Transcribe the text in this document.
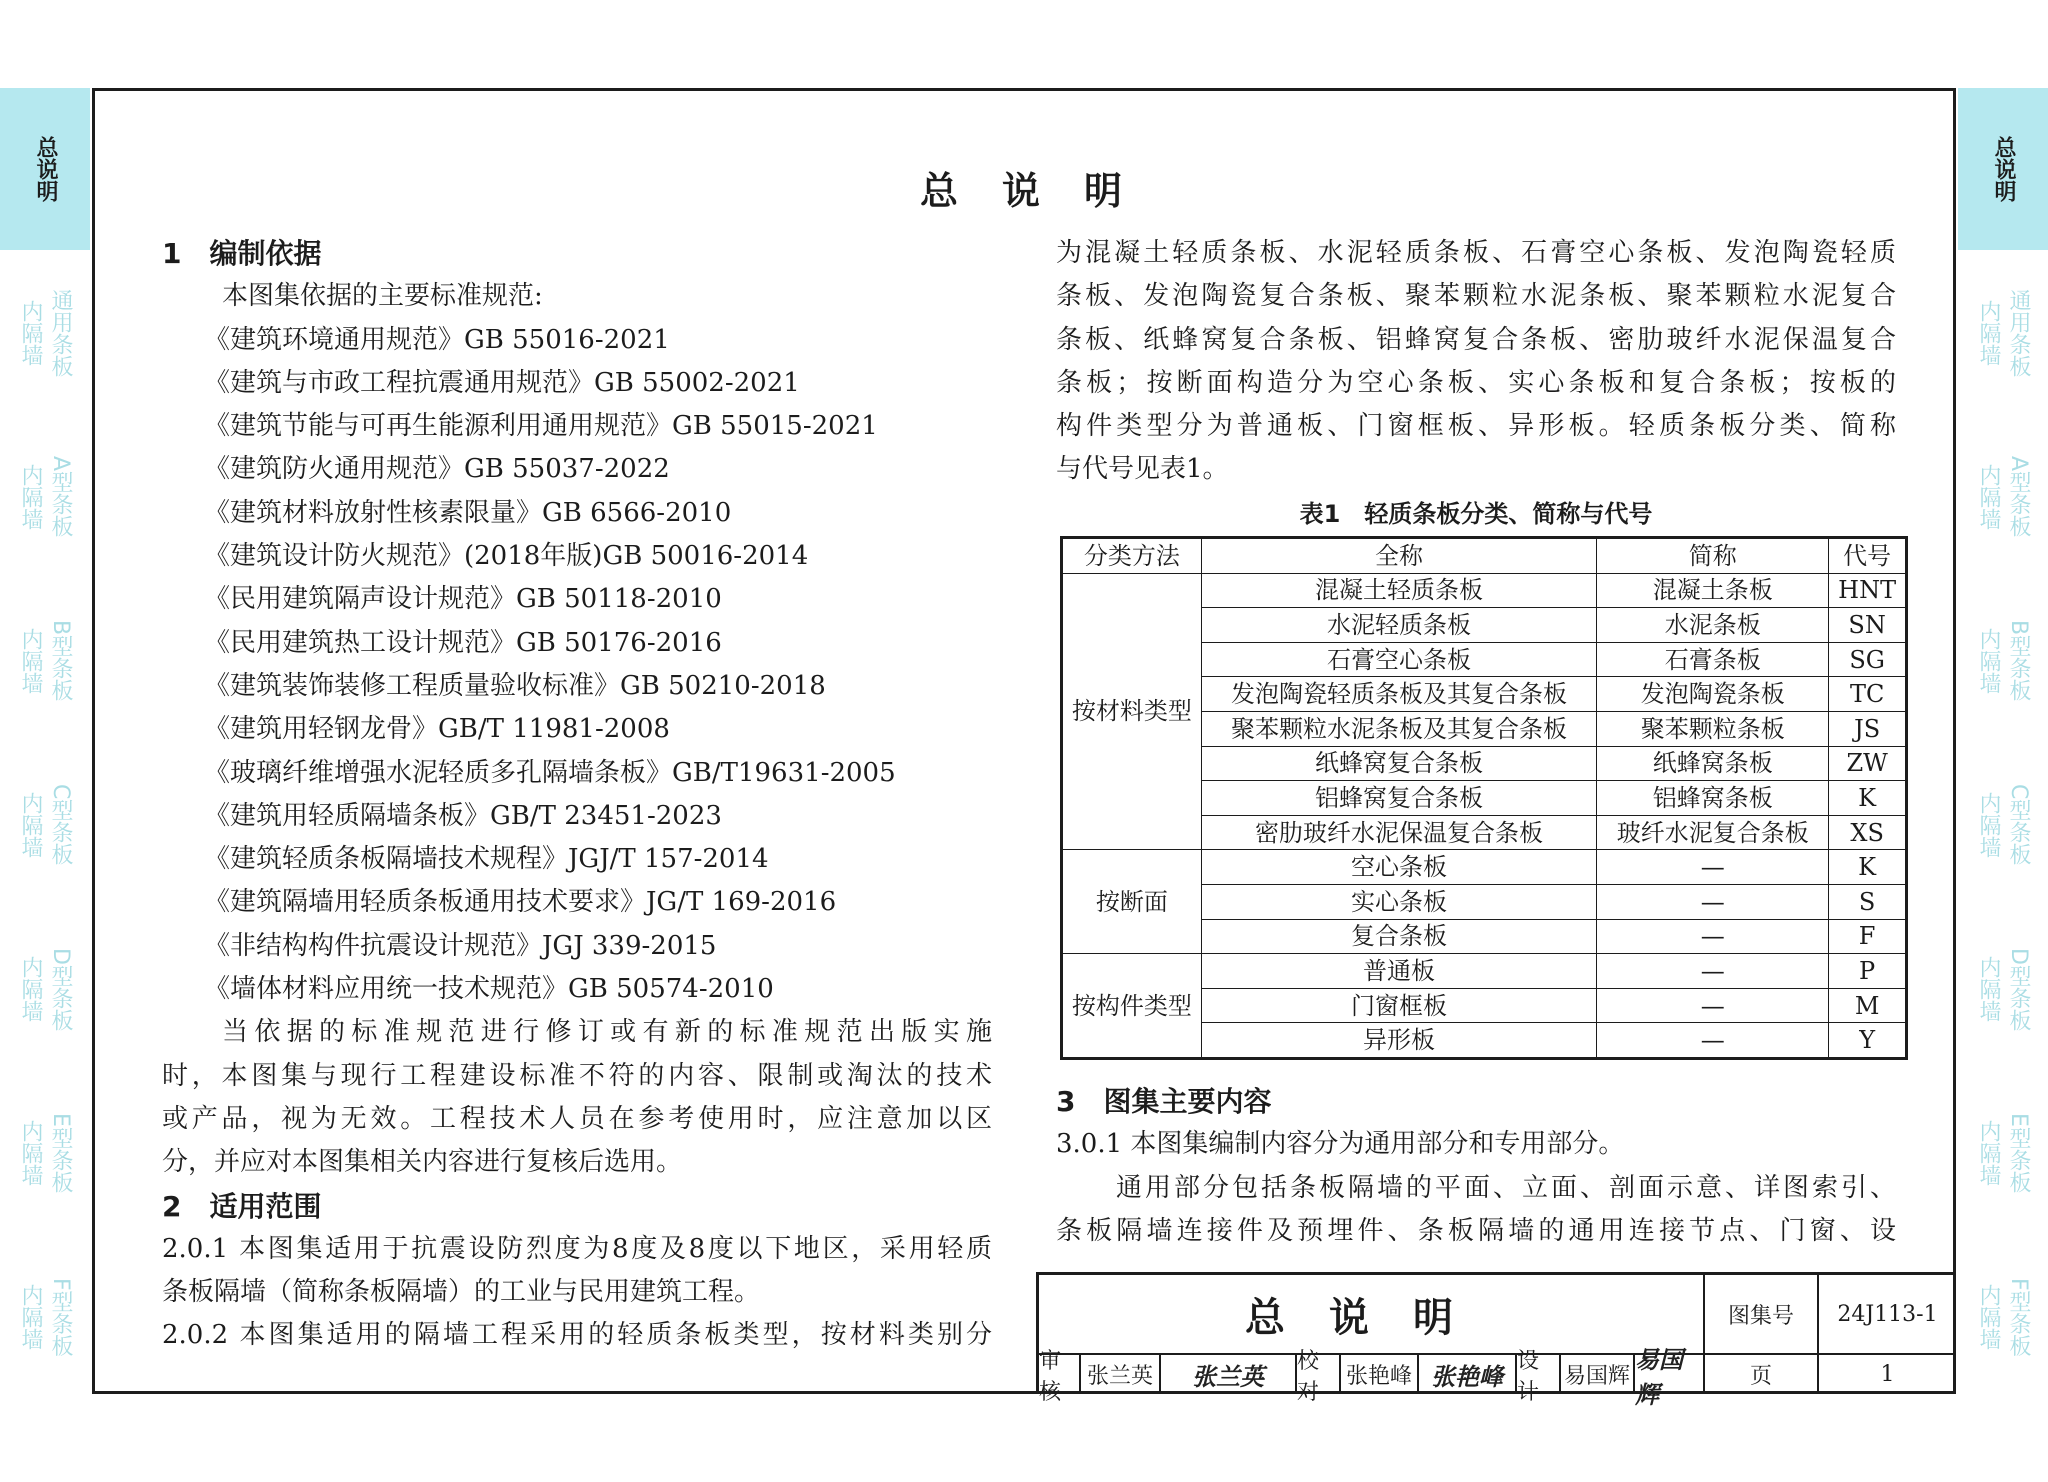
总说明
内隔墙 通用条板
内隔墙 A型条板
内隔墙 B型条板
内隔墙 C型条板
内隔墙 D型条板
内隔墙 E型条板
内隔墙 F型条板
总说明
内隔墙 通用条板
内隔墙 A型条板
内隔墙 B型条板
内隔墙 C型条板
内隔墙 D型条板
内隔墙 E型条板
内隔墙 F型条板
总说明
1　编制依据
本图集依据的主要标准规范:
《建筑环境通用规范》GB 55016-2021
《建筑与市政工程抗震通用规范》GB 55002-2021
《建筑节能与可再生能源利用通用规范》GB 55015-2021
《建筑防火通用规范》GB 55037-2022
《建筑材料放射性核素限量》GB 6566-2010
《建筑设计防火规范》(2018年版)GB 50016-2014
《民用建筑隔声设计规范》GB 50118-2010
《民用建筑热工设计规范》GB 50176-2016
《建筑装饰装修工程质量验收标准》GB 50210-2018
《建筑用轻钢龙骨》GB/T 11981-2008
《玻璃纤维增强水泥轻质多孔隔墙条板》GB/T19631-2005
《建筑用轻质隔墙条板》GB/T 23451-2023
《建筑轻质条板隔墙技术规程》JGJ/T 157-2014
《建筑隔墙用轻质条板通用技术要求》JG/T 169-2016
《非结构构件抗震设计规范》JGJ 339-2015
《墙体材料应用统一技术规范》GB 50574-2010
当依据的标准规范进行修订或有新的标准规范出版实施
时，本图集与现行工程建设标准不符的内容、限制或淘汰的技术
或产品，视为无效。工程技术人员在参考使用时，应注意加以区
分，并应对本图集相关内容进行复核后选用。
2　适用范围
2.0.1 本图集适用于抗震设防烈度为8度及8度以下地区，采用轻质
条板隔墙（简称条板隔墙）的工业与民用建筑工程。
2.0.2 本图集适用的隔墙工程采用的轻质条板类型，按材料类别分
为混凝土轻质条板、水泥轻质条板、石膏空心条板、发泡陶瓷轻质
条板、发泡陶瓷复合条板、聚苯颗粒水泥条板、聚苯颗粒水泥复合
条板、纸蜂窝复合条板、铝蜂窝复合条板、密肋玻纤水泥保温复合
条板；按断面构造分为空心条板、实心条板和复合条板；按板的
构件类型分为普通板、门窗框板、异形板。轻质条板分类、简称
与代号见表1。
表1　轻质条板分类、简称与代号
分类方法	全称	简称	代号
按材料类型	混凝土轻质条板	混凝土条板	HNT
	水泥轻质条板	水泥条板	SN
	石膏空心条板	石膏条板	SG
	发泡陶瓷轻质条板及其复合条板	发泡陶瓷条板	TC
	聚苯颗粒水泥条板及其复合条板	聚苯颗粒条板	JS
	纸蜂窝复合条板	纸蜂窝条板	ZW
	铝蜂窝复合条板	铝蜂窝条板	K
	密肋玻纤水泥保温复合条板	玻纤水泥复合条板	XS
按断面	空心条板	—	K
	实心条板	—	S
	复合条板	—	F
按构件类型	普通板	—	P
	门窗框板	—	M
	异形板	—	Y
3　图集主要内容
3.0.1 本图集编制内容分为通用部分和专用部分。
通用部分包括条板隔墙的平面、立面、剖面示意、详图索引、
条板隔墙连接件及预埋件、条板隔墙的通用连接节点、门窗、设
总说明	图集号	24J113-1
审核
张兰英	张兰英
校对
张艳峰 张艳峰
设计
易国辉
易国辉
页	1
